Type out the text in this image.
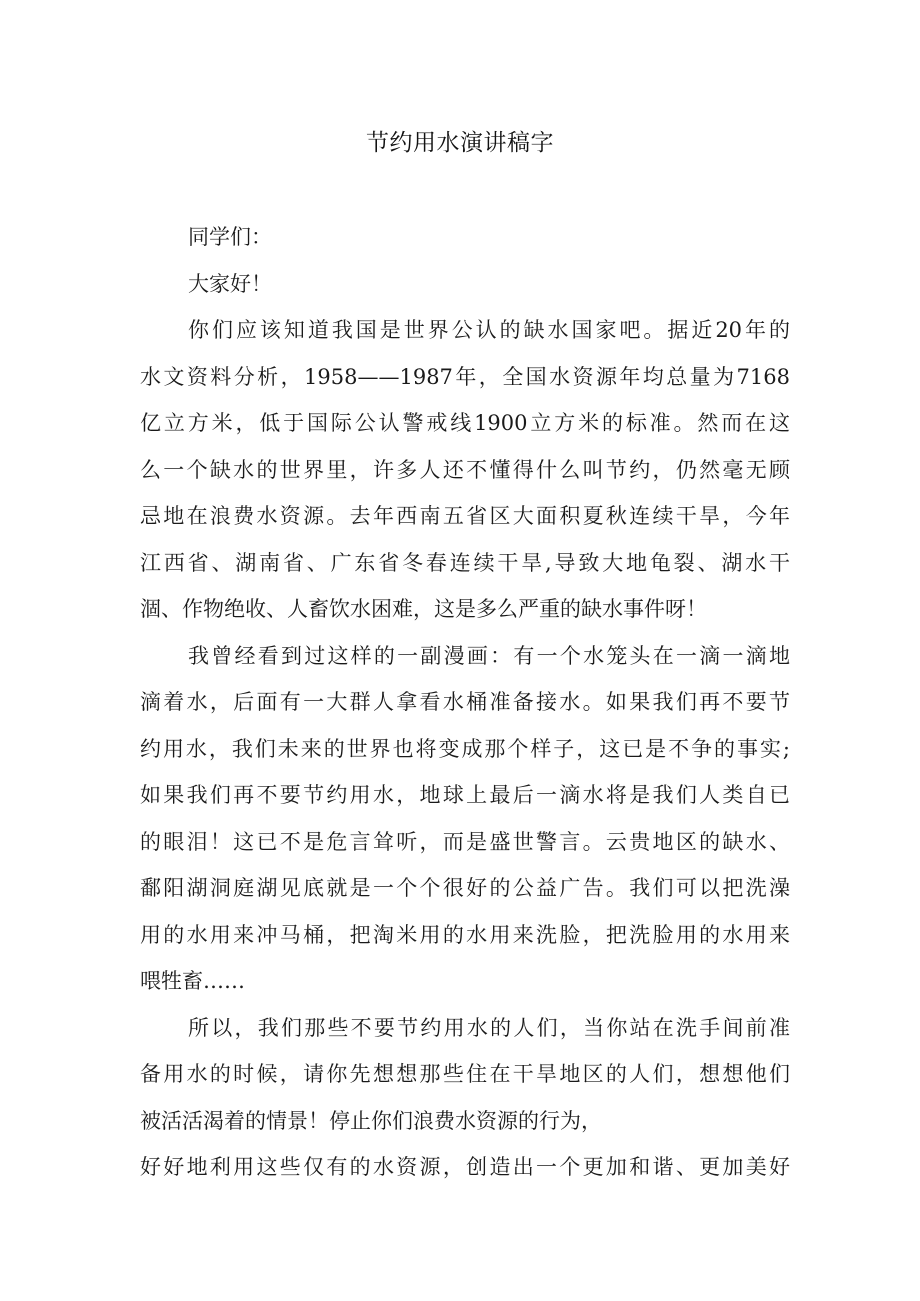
节约用水演讲稿字
同学们：
大家好！
你们应该知道我国是世界公认的缺水国家吧。据近20年的
水文资料分析，1958——1987年，全国水资源年均总量为7168
亿立方米，低于国际公认警戒线1900立方米的标准。然而在这
么一个缺水的世界里，许多人还不懂得什么叫节约，仍然毫无顾
忌地在浪费水资源。去年西南五省区大面积夏秋连续干旱，今年
江西省、湖南省、广东省冬春连续干旱,导致大地龟裂、湖水干
涸、作物绝收、人畜饮水困难，这是多么严重的缺水事件呀！
我曾经看到过这样的一副漫画：有一个水笼头在一滴一滴地
滴着水，后面有一大群人拿看水桶准备接水。如果我们再不要节
约用水，我们未来的世界也将变成那个样子，这已是不争的事实;
如果我们再不要节约用水，地球上最后一滴水将是我们人类自已
的眼泪！这已不是危言耸听，而是盛世警言。云贵地区的缺水、
鄱阳湖洞庭湖见底就是一个个很好的公益广告。我们可以把洗澡
用的水用来冲马桶，把淘米用的水用来洗脸，把洗脸用的水用来
喂牲畜……
所以，我们那些不要节约用水的人们，当你站在洗手间前准
备用水的时候，请你先想想那些住在干旱地区的人们，想想他们
被活活渴着的情景！停止你们浪费水资源的行为，
好好地利用这些仅有的水资源，创造出一个更加和谐、更加美好
